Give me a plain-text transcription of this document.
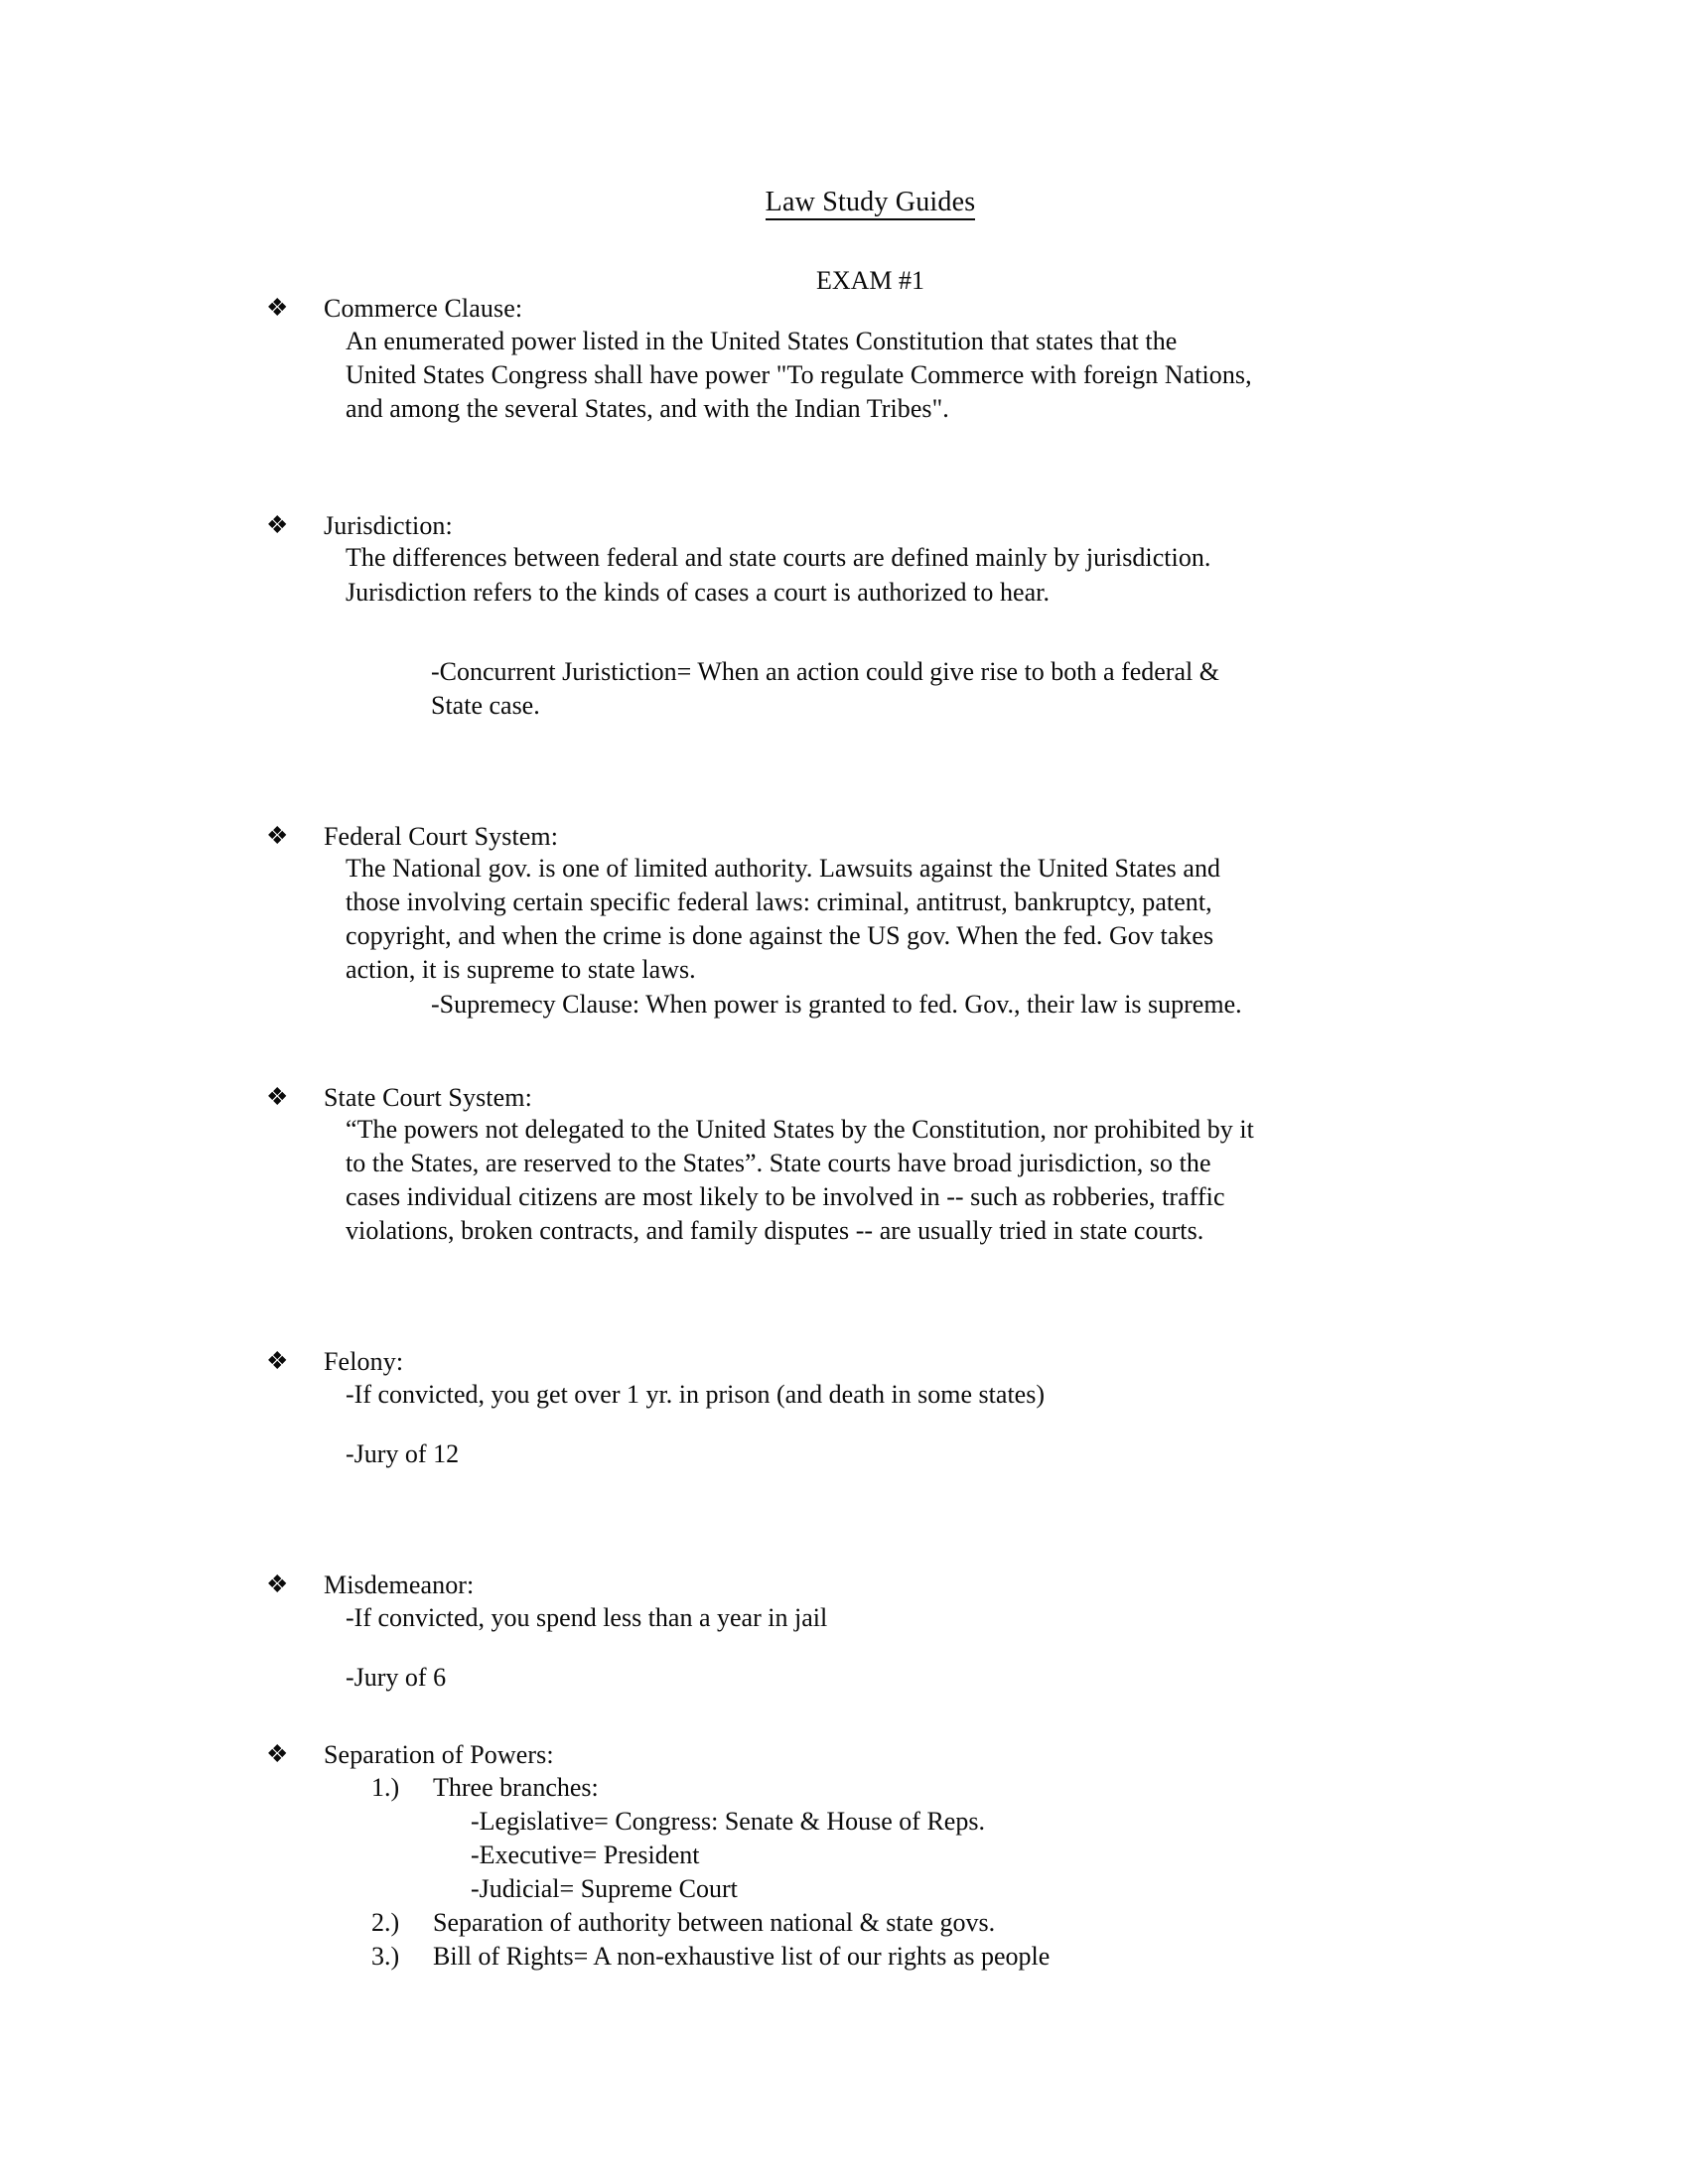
Law Study Guides
EXAM #1
❖	Commerce Clause:
An enumerated power listed in the United States Constitution that states that the
United States Congress shall have power "To regulate Commerce with foreign Nations,
and among the several States, and with the Indian Tribes".
❖	Jurisdiction:
The differences between federal and state courts are defined mainly by jurisdiction.
Jurisdiction refers to the kinds of cases a court is authorized to hear.
-Concurrent Juristiction= When an action could give rise to both a federal &
State case.
❖	Federal Court System:
The National gov. is one of limited authority. Lawsuits against the United States and
those involving certain specific federal laws: criminal, antitrust, bankruptcy, patent,
copyright, and when the crime is done against the US gov. When the fed. Gov takes
action, it is supreme to state laws.
-Supremecy Clause: When power is granted to fed. Gov., their law is supreme.
❖	State Court System:
“The powers not delegated to the United States by the Constitution, nor prohibited by it
to the States, are reserved to the States”. State courts have broad jurisdiction, so the
cases individual citizens are most likely to be involved in -- such as robberies, traffic
violations, broken contracts, and family disputes -- are usually tried in state courts.
❖	Felony:
-If convicted, you get over 1 yr. in prison (and death in some states)
-Jury of 12
❖	Misdemeanor:
-If convicted, you spend less than a year in jail
-Jury of 6
❖	Separation of Powers:
1.)	Three branches:
-Legislative= Congress: Senate & House of Reps.
-Executive= President
-Judicial= Supreme Court
2.)	Separation of authority between national & state govs.
3.)	Bill of Rights= A non-exhaustive list of our rights as people
